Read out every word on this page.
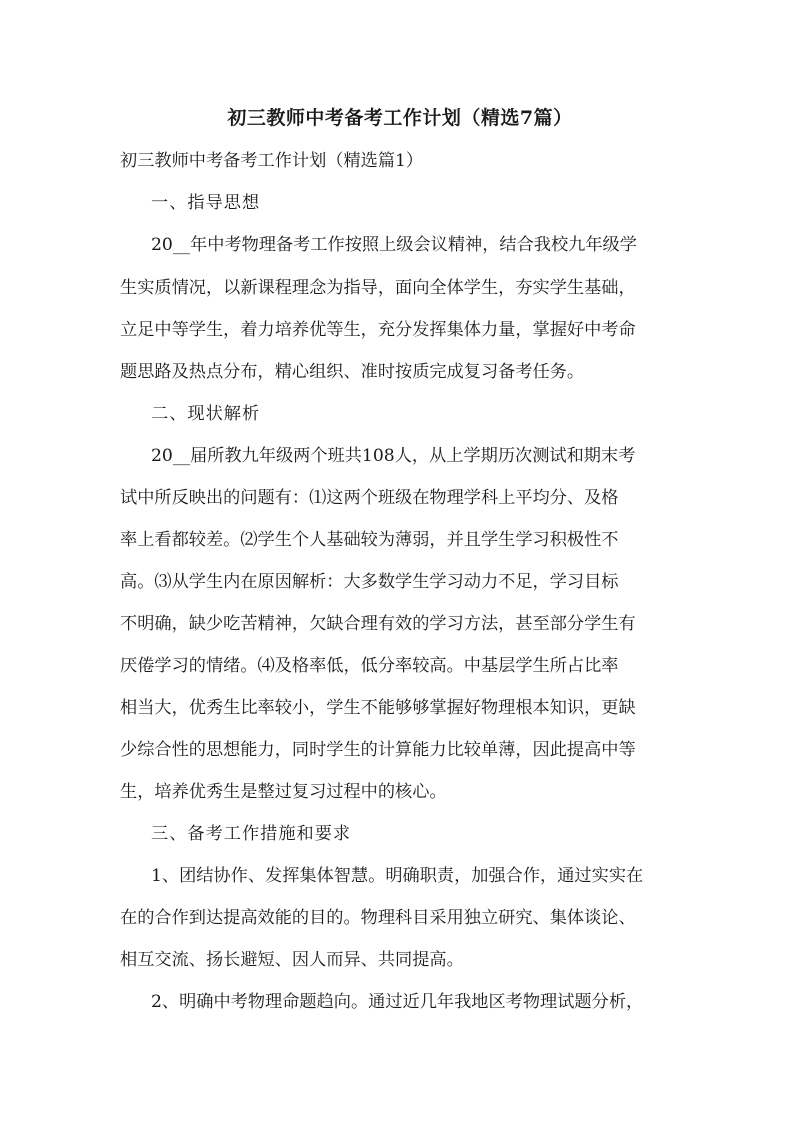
初三教师中考备考工作计划（精选7篇）
初三教师中考备考工作计划（精选篇1）
一、指导思想
20__年中考物理备考工作按照上级会议精神，结合我校九年级学
生实质情况，以新课程理念为指导，面向全体学生，夯实学生基础，
立足中等学生，着力培养优等生，充分发挥集体力量，掌握好中考命
题思路及热点分布，精心组织、准时按质完成复习备考任务。
二、现状解析
20__届所教九年级两个班共108人，从上学期历次测试和期末考
试中所反映出的问题有：⑴这两个班级在物理学科上平均分、及格
率上看都较差。⑵学生个人基础较为薄弱，并且学生学习积极性不
高。⑶从学生内在原因解析：大多数学生学习动力不足，学习目标
不明确，缺少吃苦精神，欠缺合理有效的学习方法，甚至部分学生有
厌倦学习的情绪。⑷及格率低，低分率较高。中基层学生所占比率
相当大，优秀生比率较小，学生不能够够掌握好物理根本知识，更缺
少综合性的思想能力，同时学生的计算能力比较单薄，因此提高中等
生，培养优秀生是整过复习过程中的核心。
三、备考工作措施和要求
1、团结协作、发挥集体智慧。明确职责，加强合作，通过实实在
在的合作到达提高效能的目的。物理科目采用独立研究、集体谈论、
相互交流、扬长避短、因人而异、共同提高。
2、明确中考物理命题趋向。通过近几年我地区考物理试题分析，
